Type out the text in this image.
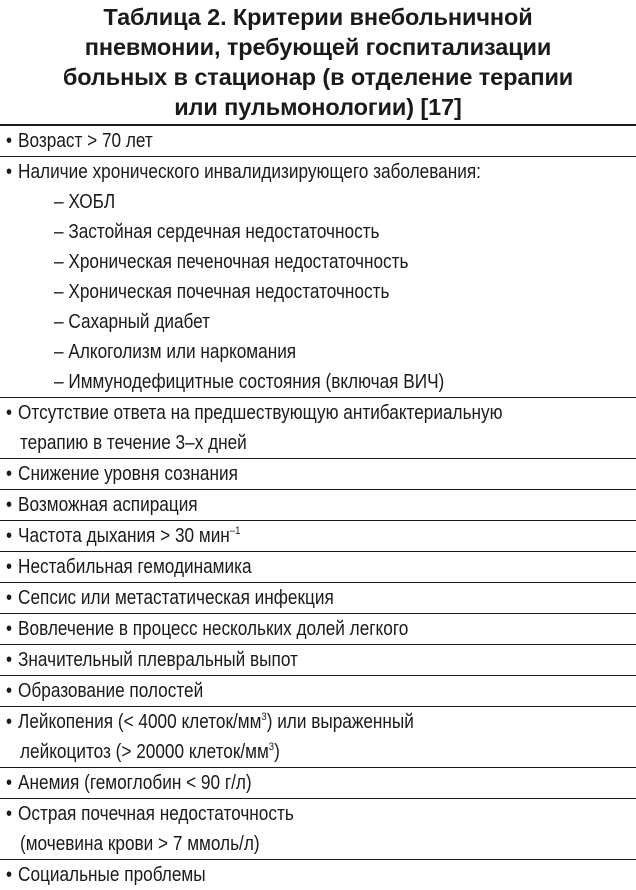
Таблица 2. Критерии внебольничной
пневмонии, требующей госпитализации
больных в стационар (в отделение терапии
или пульмонологии) [17]
• Возраст > 70 лет
• Наличие хронического инвалидизирующего заболевания:
– ХОБЛ
– Застойная сердечная недостаточность
– Хроническая печеночная недостаточность
– Хроническая почечная недостаточность
– Сахарный диабет
– Алкоголизм или наркомания
– Иммунодефицитные состояния (включая ВИЧ)
• Отсутствие ответа на предшествующую антибактериальную
терапию в течение 3–х дней
• Снижение уровня сознания
• Возможная аспирация
• Частота дыхания > 30 мин$^{-1}$
• Нестабильная гемодинамика
• Сепсис или метастатическая инфекция
• Вовлечение в процесс нескольких долей легкого
• Значительный плевральный выпот
• Образование полостей
• Лейкопения (< 4000 клеток/$мм^3$) или выраженный
лейкоцитоз (> 20000 клеток/$мм^3$)
• Анемия (гемоглобин < 90 г/л)
• Острая почечная недостаточность
(мочевина крови > 7 ммоль/л)
• Социальные проблемы
